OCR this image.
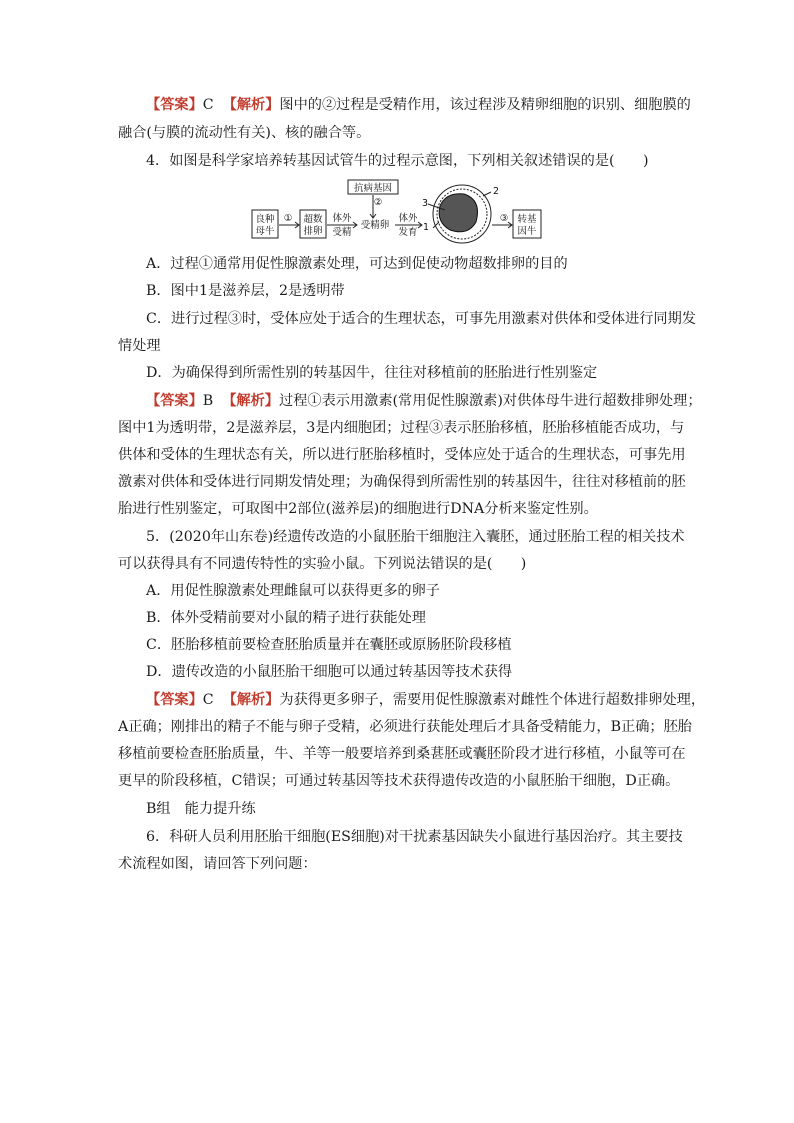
【答案】C 【解析】图中的②过程是受精作用，该过程涉及精卵细胞的识别、细胞膜的
融合(与膜的流动性有关)、核的融合等。
4．如图是科学家培养转基因试管牛的过程示意图，下列相关叙述错误的是(　　)
良种
母牛
① 超数
排卵
体外
受精
抗病基因
②
受精卵
体外
发育 1
3
2
③ 转基
因牛
A．过程①通常用促性腺激素处理，可达到促使动物超数排卵的目的
B．图中1是滋养层，2是透明带
C．进行过程③时，受体应处于适合的生理状态，可事先用激素对供体和受体进行同期发
情处理
D．为确保得到所需性别的转基因牛，往往对移植前的胚胎进行性别鉴定
【答案】B 【解析】过程①表示用激素(常用促性腺激素)对供体母牛进行超数排卵处理；
图中1为透明带，2是滋养层，3是内细胞团；过程③表示胚胎移植，胚胎移植能否成功，与
供体和受体的生理状态有关，所以进行胚胎移植时，受体应处于适合的生理状态，可事先用
激素对供体和受体进行同期发情处理；为确保得到所需性别的转基因牛，往往对移植前的胚
胎进行性别鉴定，可取图中2部位(滋养层)的细胞进行DNA分析来鉴定性别。
5．(2020年山东卷)经遗传改造的小鼠胚胎干细胞注入囊胚，通过胚胎工程的相关技术
可以获得具有不同遗传特性的实验小鼠。下列说法错误的是(　　)
A．用促性腺激素处理雌鼠可以获得更多的卵子
B．体外受精前要对小鼠的精子进行获能处理
C．胚胎移植前要检查胚胎质量并在囊胚或原肠胚阶段移植
D．遗传改造的小鼠胚胎干细胞可以通过转基因等技术获得
【答案】C 【解析】为获得更多卵子，需要用促性腺激素对雌性个体进行超数排卵处理，
A正确；刚排出的精子不能与卵子受精，必须进行获能处理后才具备受精能力，B正确；胚胎
移植前要检查胚胎质量，牛、羊等一般要培养到桑葚胚或囊胚阶段才进行移植，小鼠等可在
更早的阶段移植，C错误；可通过转基因等技术获得遗传改造的小鼠胚胎干细胞，D正确。
B组　能力提升练
6．科研人员利用胚胎干细胞(ES细胞)对干扰素基因缺失小鼠进行基因治疗。其主要技
术流程如图，请回答下列问题：
